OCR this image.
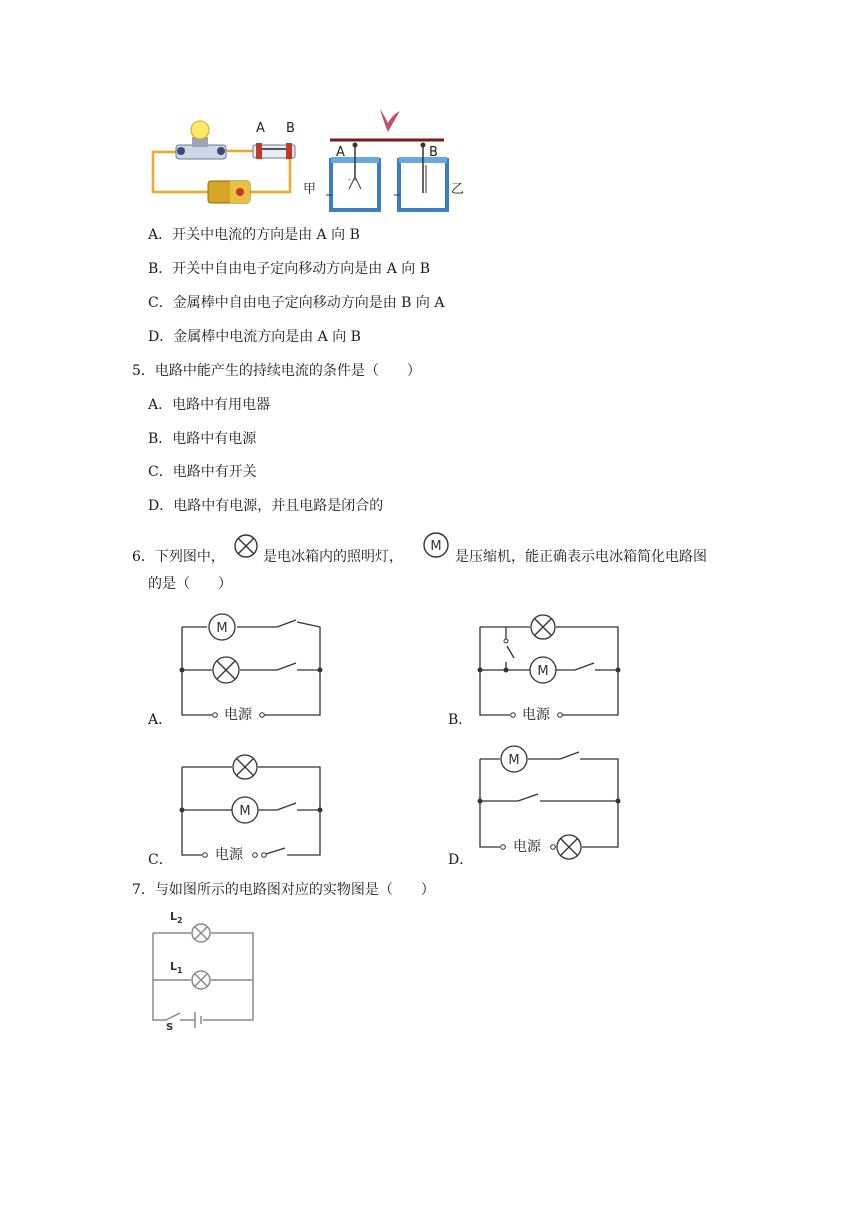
A B
甲
- -
A	B
乙
A．开关中电流的方向是由 A 向 B
B．开关中自由电子定向移动方向是由 A 向 B
C．金属棒中自由电子定向移动方向是由 B 向 A
D．金属棒中电流方向是由 A 向 B
5．电路中能产生的持续电流的条件是（　　）
A．电路中有用电器
B．电路中有电源
C．电路中有开关
D．电路中有电源，并且电路是闭合的
6．下列图中，	是电冰箱内的照明灯，
M
是压缩机，能正确表示电冰箱简化电路图
的是（　　）
A．
M
电源	B．
M
电源
C．
M
电源	D．
M
电源
7．与如图所示的电路图对应的实物图是（　　）
L 2
L 1
S
